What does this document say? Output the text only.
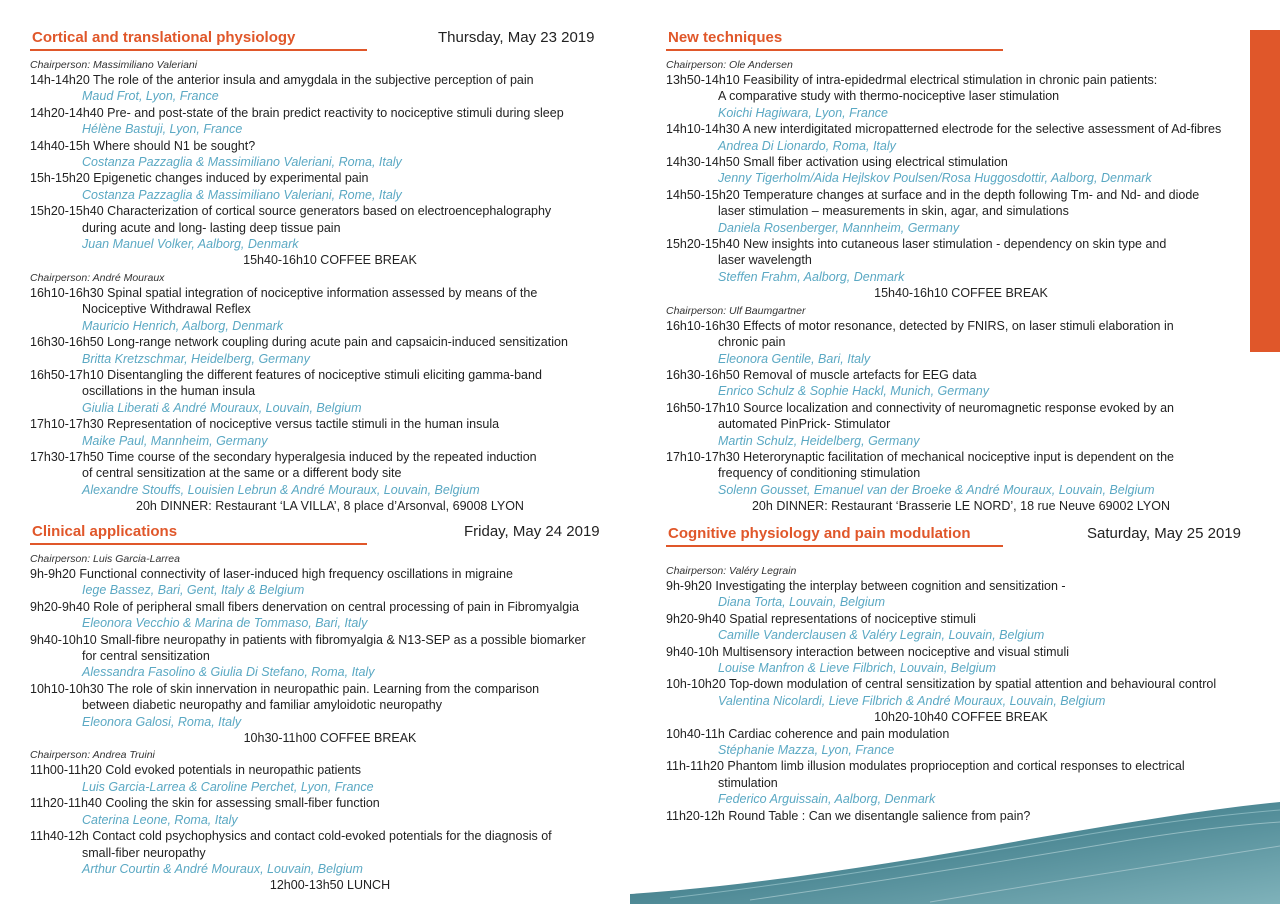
Cortical and translational physiology	Thursday, May 23 2019
Chairperson: Massimiliano Valeriani
14h-14h20 The role of the anterior insula and amygdala in the subjective perception of pain
Maud Frot, Lyon, France
14h20-14h40 Pre- and post-state of the brain predict reactivity to nociceptive stimuli during sleep
Hélène Bastuji, Lyon, France
14h40-15h Where should N1 be sought?
Costanza Pazzaglia & Massimiliano Valeriani, Roma, Italy
15h-15h20 Epigenetic changes induced by experimental pain
Costanza Pazzaglia & Massimiliano Valeriani, Rome, Italy
15h20-15h40 Characterization of cortical source generators based on electroencephalography
during acute and long- lasting deep tissue pain
Juan Manuel Volker, Aalborg, Denmark
15h40-16h10 COFFEE BREAK
Chairperson: André Mouraux
16h10-16h30 Spinal spatial integration of nociceptive information assessed by means of the
Nociceptive Withdrawal Reflex
Mauricio Henrich, Aalborg, Denmark
16h30-16h50 Long-range network coupling during acute pain and capsaicin-induced sensitization
Britta Kretzschmar, Heidelberg, Germany
16h50-17h10 Disentangling the different features of nociceptive stimuli eliciting gamma-band
oscillations in the human insula
Giulia Liberati & André Mouraux, Louvain, Belgium
17h10-17h30 Representation of nociceptive versus tactile stimuli in the human insula
Maike Paul, Mannheim, Germany
17h30-17h50 Time course of the secondary hyperalgesia induced by the repeated induction
of central sensitization at the same or a different body site
Alexandre Stouffs, Louisien Lebrun & André Mouraux, Louvain, Belgium
20h DINNER: Restaurant ‘LA VILLA’, 8 place d’Arsonval, 69008 LYON
Clinical applications	Friday, May 24 2019
Chairperson: Luis Garcia-Larrea
9h-9h20 Functional connectivity of laser-induced high frequency oscillations in migraine
Iege Bassez, Bari, Gent, Italy & Belgium
9h20-9h40 Role of peripheral small fibers denervation on central processing of pain in Fibromyalgia
Eleonora Vecchio & Marina de Tommaso, Bari, Italy
9h40-10h10 Small-fibre neuropathy in patients with fibromyalgia & N13-SEP as a possible biomarker
for central sensitization
Alessandra Fasolino & Giulia Di Stefano, Roma, Italy
10h10-10h30 The role of skin innervation in neuropathic pain. Learning from the comparison
between diabetic neuropathy and familiar amyloidotic neuropathy
Eleonora Galosi, Roma, Italy
10h30-11h00 COFFEE BREAK
Chairperson: Andrea Truini
11h00-11h20 Cold evoked potentials in neuropathic patients
Luis Garcia-Larrea & Caroline Perchet, Lyon, France
11h20-11h40 Cooling the skin for assessing small-fiber function
Caterina Leone, Roma, Italy
11h40-12h Contact cold psychophysics and contact cold-evoked potentials for the diagnosis of
small-fiber neuropathy
Arthur Courtin & André Mouraux, Louvain, Belgium
12h00-13h50 LUNCH
New techniques
Chairperson: Ole Andersen
13h50-14h10 Feasibility of intra-epidedrmal electrical stimulation in chronic pain patients:
A comparative study with thermo-nociceptive laser stimulation
Koichi Hagiwara, Lyon, France
14h10-14h30 A new interdigitated micropatterned electrode for the selective assessment of Ad-fibres
Andrea Di Lionardo, Roma, Italy
14h30-14h50 Small fiber activation using electrical stimulation
Jenny Tigerholm/Aida Hejlskov Poulsen/Rosa Huggosdottir, Aalborg, Denmark
14h50-15h20 Temperature changes at surface and in the depth following Tm- and Nd- and diode
laser stimulation – measurements in skin, agar, and simulations
Daniela Rosenberger, Mannheim, Germany
15h20-15h40 New insights into cutaneous laser stimulation - dependency on skin type and
laser wavelength
Steffen Frahm, Aalborg, Denmark
15h40-16h10 COFFEE BREAK
Chairperson: Ulf Baumgartner
16h10-16h30 Effects of motor resonance, detected by FNIRS, on laser stimuli elaboration in
chronic pain
Eleonora Gentile, Bari, Italy
16h30-16h50 Removal of muscle artefacts for EEG data
Enrico Schulz & Sophie Hackl, Munich, Germany
16h50-17h10 Source localization and connectivity of neuromagnetic response evoked by an
automated PinPrick- Stimulator
Martin Schulz, Heidelberg, Germany
17h10-17h30 Heterorynaptic facilitation of mechanical nociceptive input is dependent on the
frequency of conditioning stimulation
Solenn Gousset, Emanuel van der Broeke & André Mouraux, Louvain, Belgium
20h DINNER: Restaurant ‘Brasserie LE NORD’, 18 rue Neuve 69002 LYON
Cognitive physiology and pain modulation	Saturday, May 25 2019
Chairperson: Valéry Legrain
9h-9h20 Investigating the interplay between cognition and sensitization -
Diana Torta, Louvain, Belgium
9h20-9h40 Spatial representations of nociceptive stimuli
Camille Vanderclausen & Valéry Legrain, Louvain, Belgium
9h40-10h Multisensory interaction between nociceptive and visual stimuli
Louise Manfron & Lieve Filbrich, Louvain, Belgium
10h-10h20 Top-down modulation of central sensitization by spatial attention and behavioural control
Valentina Nicolardi, Lieve Filbrich & André Mouraux, Louvain, Belgium
10h20-10h40 COFFEE BREAK
10h40-11h Cardiac coherence and pain modulation
Stéphanie Mazza, Lyon, France
11h-11h20 Phantom limb illusion modulates proprioception and cortical responses to electrical
stimulation
Federico Arguissain, Aalborg, Denmark
11h20-12h Round Table : Can we disentangle salience from pain?
